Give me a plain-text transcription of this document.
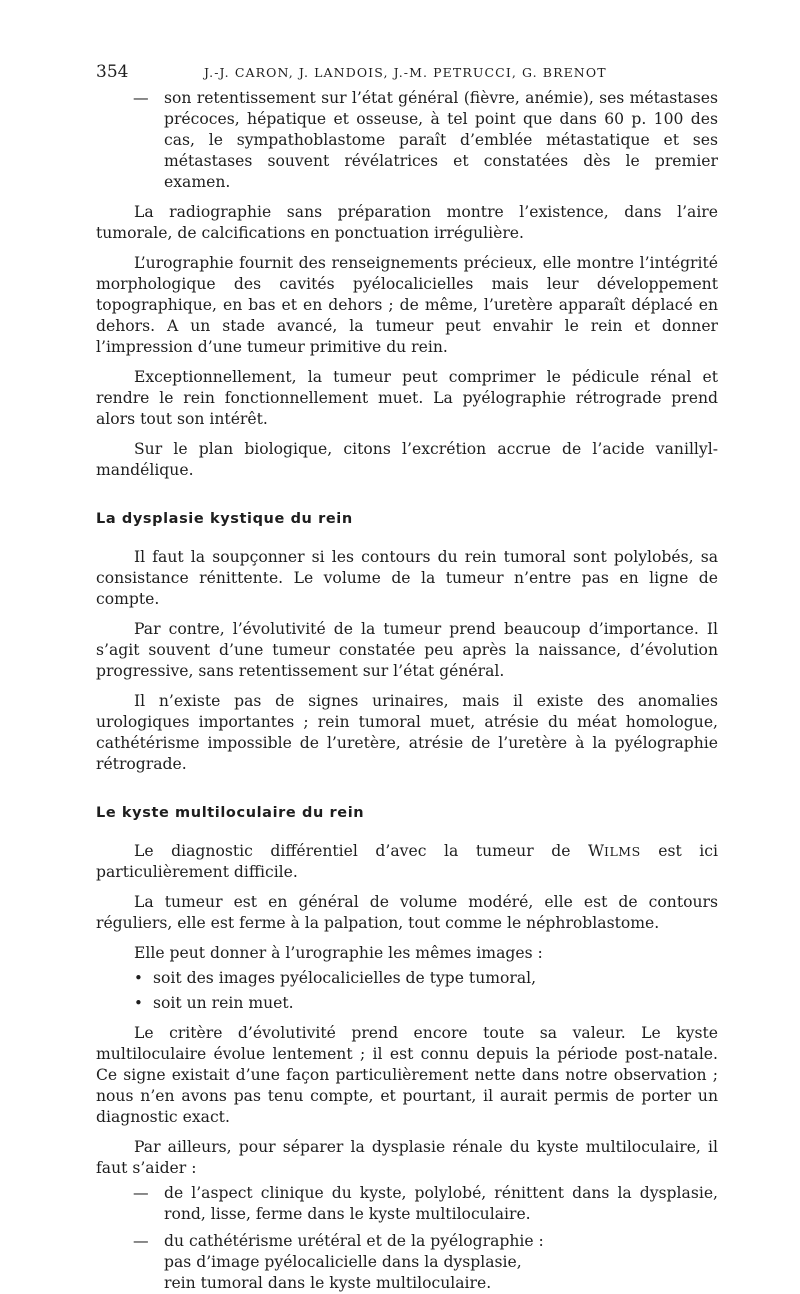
354	J.-J. CARON, J. LANDOIS, J.-M. PETRUCCI, G. BRENOT
— son retentissement sur l’état général (fièvre, anémie), ses métastases précoces, hépatique et osseuse, à tel point que dans 60 p. 100 des cas, le sympathoblastome paraît d’emblée métastatique et ses métastases souvent révélatrices et constatées dès le premier examen.

La radiographie sans préparation montre l’existence, dans l’aire tumorale, de calcifications en ponctuation irrégulière.

L’urographie fournit des renseignements précieux, elle montre l’intégrité morphologique des cavités pyélocalicielles mais leur développement topographique, en bas et en dehors ; de même, l’uretère apparaît déplacé en dehors. A un stade avancé, la tumeur peut envahir le rein et donner l’impression d’une tumeur primitive du rein.

Exceptionnellement, la tumeur peut comprimer le pédicule rénal et rendre le rein fonctionnellement muet. La pyélographie rétrograde prend alors tout son intérêt.

Sur le plan biologique, citons l’excrétion accrue de l’acide vanillyl-mandélique.

La dysplasie kystique du rein

Il faut la soupçonner si les contours du rein tumoral sont polylobés, sa consistance rénittente. Le volume de la tumeur n’entre pas en ligne de compte.

Par contre, l’évolutivité de la tumeur prend beaucoup d’importance. Il s’agit souvent d’une tumeur constatée peu après la naissance, d’évolution progressive, sans retentissement sur l’état général.

Il n’existe pas de signes urinaires, mais il existe des anomalies urologiques importantes ; rein tumoral muet, atrésie du méat homologue, cathétérisme impossible de l’uretère, atrésie de l’uretère à la pyélographie rétrograde.

Le kyste multiloculaire du rein

Le diagnostic différentiel d’avec la tumeur de WILMS est ici particulièrement difficile.

La tumeur est en général de volume modéré, elle est de contours réguliers, elle est ferme à la palpation, tout comme le néphroblastome.

Elle peut donner à l’urographie les mêmes images :

• soit des images pyélocalicielles de type tumoral,
• soit un rein muet.

Le critère d’évolutivité prend encore toute sa valeur. Le kyste multiloculaire évolue lentement ; il est connu depuis la période post-natale. Ce signe existait d’une façon particulièrement nette dans notre observation ; nous n’en avons pas tenu compte, et pourtant, il aurait permis de porter un diagnostic exact.

Par ailleurs, pour séparer la dysplasie rénale du kyste multiloculaire, il faut s’aider :

— de l’aspect clinique du kyste, polylobé, rénittent dans la dysplasie, rond, lisse, ferme dans le kyste multiloculaire.
— du cathétérisme urétéral et de la pyélographie :
pas d’image pyélocalicielle dans la dysplasie,
rein tumoral dans le kyste multiloculaire.
